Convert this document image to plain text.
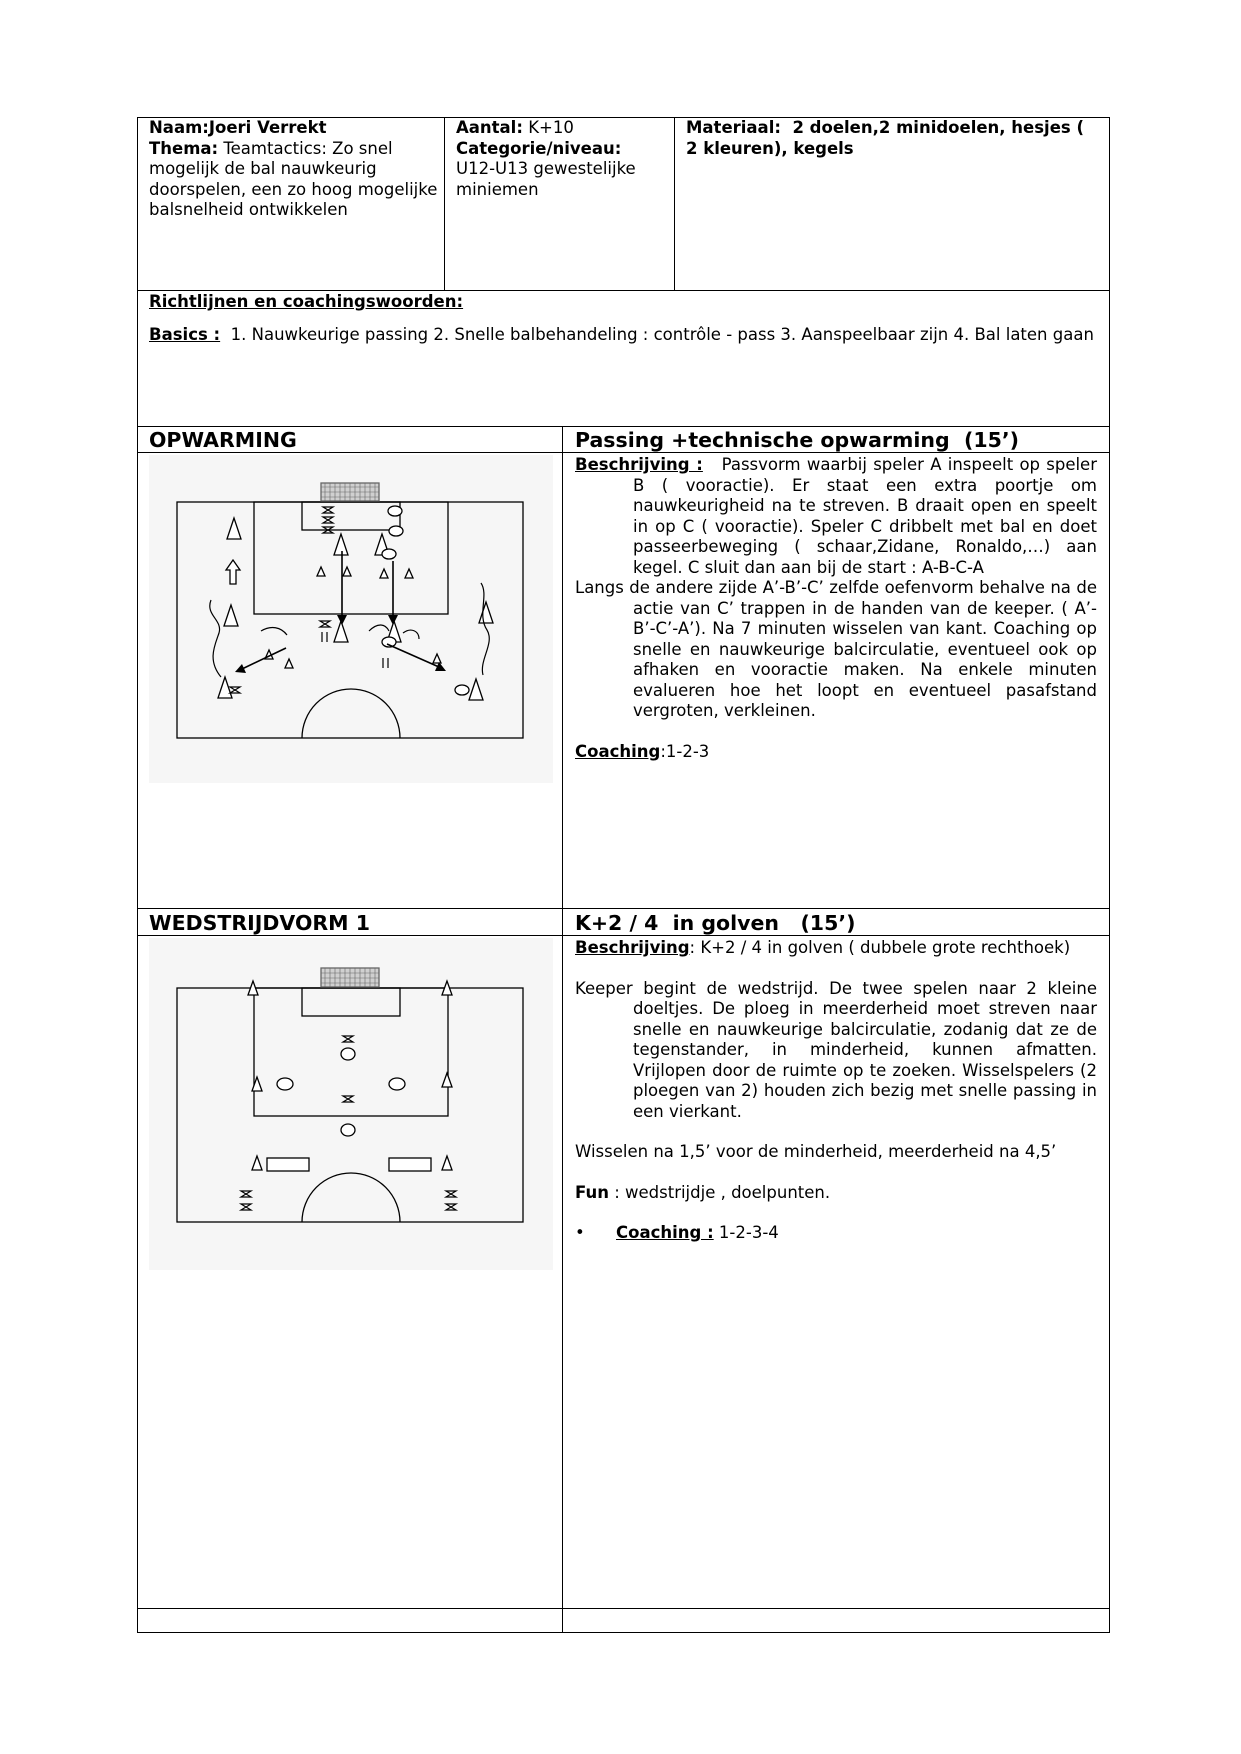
Naam:Joeri Verrekt
Thema: Teamtactics: Zo snel mogelijk de bal nauwkeurig doorspelen, een zo hoog mogelijke balsnelheid ontwikkelen
Aantal: K+10
Categorie/niveau:
U12-U13 gewestelijke miniemen
Materiaal: 2 doelen,2 minidoelen, hesjes ( 2 kleuren), kegels
Richtlijnen en coachingswoorden:
Basics : 1. Nauwkeurige passing 2. Snelle balbehandeling : contrôle - pass 3. Aanspeelbaar zijn 4. Bal laten gaan
OPWARMING	Passing +technische opwarming  (15’)

Beschrijving : Passvorm waarbij speler A inspeelt op speler B ( vooractie). Er staat een extra poortje om nauwkeurigheid na te streven. B draait open en speelt in op C ( vooractie). Speler C dribbelt met bal en doet passeerbeweging ( schaar,Zidane, Ronaldo,…) aan kegel. C sluit dan aan bij de start : A-B-C-A

Langs de andere zijde A’-B’-C’ zelfde oefenvorm behalve na de actie van C’ trappen in de handen van de keeper. ( A’-B’-C’-A’). Na 7 minuten wisselen van kant. Coaching op snelle en nauwkeurige balcirculatie, eventueel ook op afhaken en vooractie maken. Na enkele minuten evalueren hoe het loopt en eventueel pasafstand vergroten, verkleinen.

Coaching:1-2-3

WEDSTRIJDVORM 1	K+2 / 4  in golven   (15’)

Beschrijving: K+2 / 4 in golven ( dubbele grote rechthoek)

Keeper begint de wedstrijd. De twee spelen naar 2 kleine doeltjes. De ploeg in meerderheid moet streven naar snelle en nauwkeurige balcirculatie, zodanig dat ze de tegenstander, in minderheid, kunnen afmatten. Vrijlopen door de ruimte op te zoeken. Wisselspelers (2 ploegen van 2) houden zich bezig met snelle passing in een vierkant.

Wisselen na 1,5’ voor de minderheid, meerderheid na 4,5’

Fun : wedstrijdje , doelpunten.

• Coaching : 1-2-3-4
